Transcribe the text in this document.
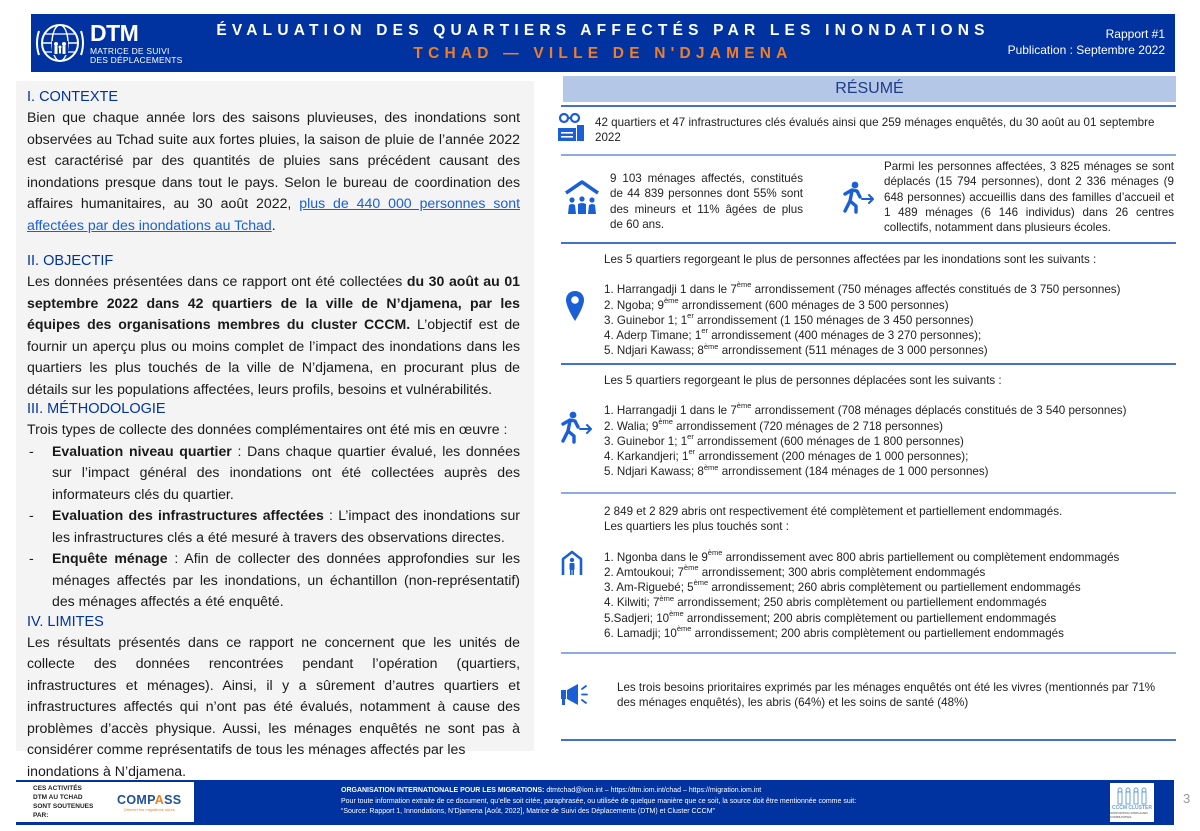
DTM
MATRICE DE SUIVI
DES DÉPLACEMENTS
ÉVALUATION DES QUARTIERS AFFECTÉS PAR LES INONDATIONS
TCHAD — VILLE DE N'DJAMENA
Rapport #1
Publication : Septembre 2022
I. CONTEXTE
Bien que chaque année lors des saisons pluvieuses, des inondations sont observées au Tchad suite aux fortes pluies, la saison de pluie de l’année 2022 est caractérisé par des quantités de pluies sans précédent causant des inondations presque dans tout le pays. Selon le bureau de coordination des affaires humanitaires, au 30 août 2022, plus de 440 000 personnes sont affectées par des inondations au Tchad.
II. OBJECTIF
Les données présentées dans ce rapport ont été collectées du 30 août au 01 septembre 2022 dans 42 quartiers de la ville de N’djamena, par les équipes des organisations membres du cluster CCCM. L’objectif est de fournir un aperçu plus ou moins complet de l’impact des inondations dans les quartiers les plus touchés de la ville de N’djamena, en procurant plus de détails sur les populations affectées, leurs profils, besoins et vulnérabilités.
III. MÉTHODOLOGIE
Trois types de collecte des données complémentaires ont été mis en œuvre :
- Evaluation niveau quartier : Dans chaque quartier évalué, les données sur l’impact général des inondations ont été collectées auprès des informateurs clés du quartier.
- Evaluation des infrastructures affectées : L’impact des inondations sur les infrastructures clés a été mesuré à travers des observations directes.
- Enquête ménage : Afin de collecter des données approfondies sur les ménages affectés par les inondations, un échantillon (non-représentatif) des ménages affectés a été enquêté.
IV. LIMITES
Les résultats présentés dans ce rapport ne concernent que les unités de collecte des données rencontrées pendant l’opération (quartiers, infrastructures et ménages). Ainsi, il y a sûrement d’autres quartiers et infrastructures affectés qui n’ont pas été évalués, notamment à cause des problèmes d’accès physique. Aussi, les ménages enquêtés ne sont pas à considérer comme représentatifs de tous les ménages affectés par les
inondations à N’djamena.
RÉSUMÉ
42 quartiers et 47 infrastructures clés évalués ainsi que 259 ménages enquêtés, du 30 août au 01 septembre 2022
9 103 ménages affectés, constitués de 44 839 personnes dont 55% sont des mineurs et 11% âgées de plus de 60 ans.
Parmi les personnes affectées, 3 825 ménages se sont déplacés (15 794 personnes), dont 2 336 ménages (9 648 personnes) accueillis dans des familles d’accueil et 1 489 ménages (6 146 individus) dans 26 centres collectifs, notamment dans plusieurs écoles.
Les 5 quartiers regorgeant le plus de personnes affectées par les inondations sont les suivants :
1. Harrangadji 1 dans le 7ème arrondissement (750 ménages affectés constitués de 3 750 personnes)
2. Ngoba; 9ème arrondissement (600 ménages de 3 500 personnes)
3. Guinebor 1; 1er arrondissement (1 150 ménages de 3 450 personnes)
4. Aderp Timane; 1er arrondissement (400 ménages de 3 270 personnes);
5. Ndjari Kawass; 8ème arrondissement (511 ménages de 3 000 personnes)
Les 5 quartiers regorgeant le plus de personnes déplacées sont les suivants :
1. Harrangadji 1 dans le 7ème arrondissement (708 ménages déplacés constitués de 3 540 personnes)
2. Walia; 9ème arrondissement (720 ménages de 2 718 personnes)
3. Guinebor 1; 1er arrondissement (600 ménages de 1 800 personnes)
4. Karkandjeri; 1er arrondissement (200 ménages de 1 000 personnes);
5. Ndjari Kawass; 8ème arrondissement (184 ménages de 1 000 personnes)
2 849 et 2 829 abris ont respectivement été complètement et partiellement endommagés.
Les quartiers les plus touchés sont :
1. Ngonba dans le 9ème arrondissement avec 800 abris partiellement ou complètement endommagés
2. Amtoukoui; 7ème arrondissement; 300 abris complètement endommagés
3. Am-Riguebé; 5ème arrondissement; 260 abris complètement ou partiellement endommagés
4. Kilwiti; 7ème arrondissement; 250 abris complètement ou partiellement endommagés
5.Sadjeri; 10ème arrondissement; 200 abris complètement ou partiellement endommagés
6. Lamadji; 10ème arrondissement; 200 abris complètement ou partiellement endommagés
Les trois besoins prioritaires exprimés par les ménages enquêtés ont été les vivres (mentionnés par 71% des ménages enquêtés), les abris (64%) et les soins de santé (48%)
CES ACTIVITÉS DTM AU TCHAD SONT SOUTENUES PAR:
COMPASS
Orienter les migrations sûres
ORGANISATION INTERNATIONALE POUR LES MIGRATIONS: dtmtchad@iom.int – https:/dtm.iom.int/chad – https://migration.iom.int
Pour toute information extraite de ce document, qu’elle soit citée, paraphrasée, ou utilisée de quelque manière que ce soit, la source doit être mentionnée comme suit:
“Source: Rapport 1, Innondations, N’Djamena [Août, 2022], Matrice de Suivi des Déplacements (DTM) et Cluster CCCM”
CCCM CLUSTER
SUPPORTING DISPLACED COMMUNITIES
3
